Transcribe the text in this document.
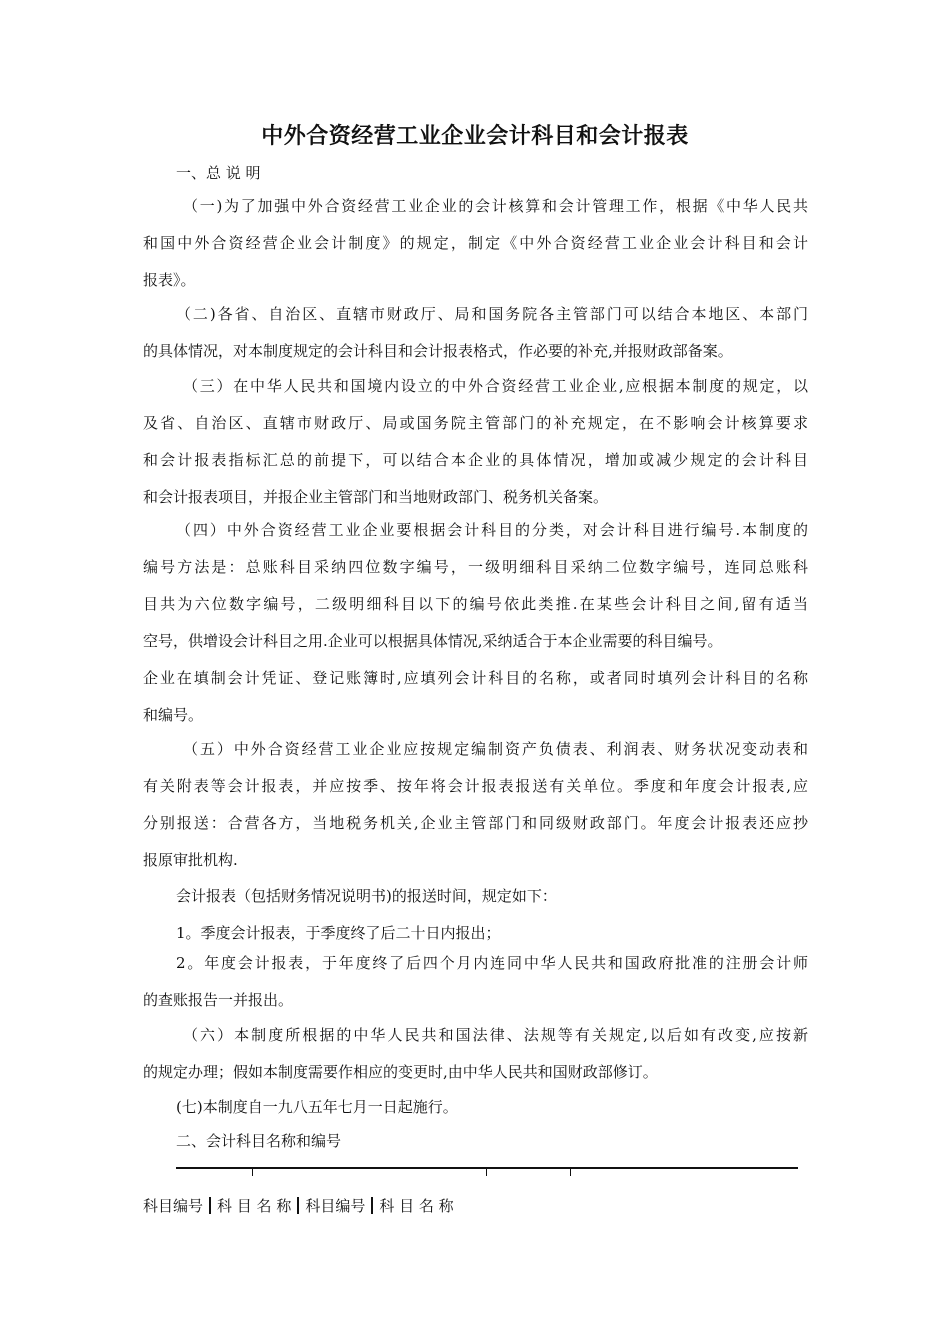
中外合资经营工业企业会计科目和会计报表
一、总 说 明
（一)为了加强中外合资经营工业企业的会计核算和会计管理工作，根据《中华人民共
和国中外合资经营企业会计制度》的规定，制定《中外合资经营工业企业会计科目和会计
报表》。
（二)各省、自治区、直辖市财政厅、局和国务院各主管部门可以结合本地区、本部门
的具体情况，对本制度规定的会计科目和会计报表格式，作必要的补充,并报财政部备案。
（三）在中华人民共和国境内设立的中外合资经营工业企业,应根据本制度的规定，以
及省、自治区、直辖市财政厅、局或国务院主管部门的补充规定，在不影响会计核算要求
和会计报表指标汇总的前提下，可以结合本企业的具体情况，增加或减少规定的会计科目
和会计报表项目，并报企业主管部门和当地财政部门、税务机关备案。
（四）中外合资经营工业企业要根据会计科目的分类，对会计科目进行编号.本制度的
编号方法是：总账科目采纳四位数字编号，一级明细科目采纳二位数字编号，连同总账科
目共为六位数字编号，二级明细科目以下的编号依此类推.在某些会计科目之间,留有适当
空号，供增设会计科目之用.企业可以根据具体情况,采纳适合于本企业需要的科目编号。
企业在填制会计凭证、登记账簿时,应填列会计科目的名称，或者同时填列会计科目的名称
和编号。
（五）中外合资经营工业企业应按规定编制资产负债表、利润表、财务状况变动表和
有关附表等会计报表，并应按季、按年将会计报表报送有关单位。季度和年度会计报表,应
分别报送：合营各方，当地税务机关,企业主管部门和同级财政部门。年度会计报表还应抄
报原审批机构.
会计报表（包括财务情况说明书)的报送时间，规定如下：
1。季度会计报表，于季度终了后二十日内报出；
2。年度会计报表，于年度终了后四个月内连同中华人民共和国政府批准的注册会计师
的查账报告一并报出。
（六）本制度所根据的中华人民共和国法律、法规等有关规定,以后如有改变,应按新
的规定办理；假如本制度需要作相应的变更时,由中华人民共和国财政部修订。
(七)本制度自一九八五年七月一日起施行。
二、会计科目名称和编号
科目编号 科 目 名 称 科目编号 科 目 名 称
